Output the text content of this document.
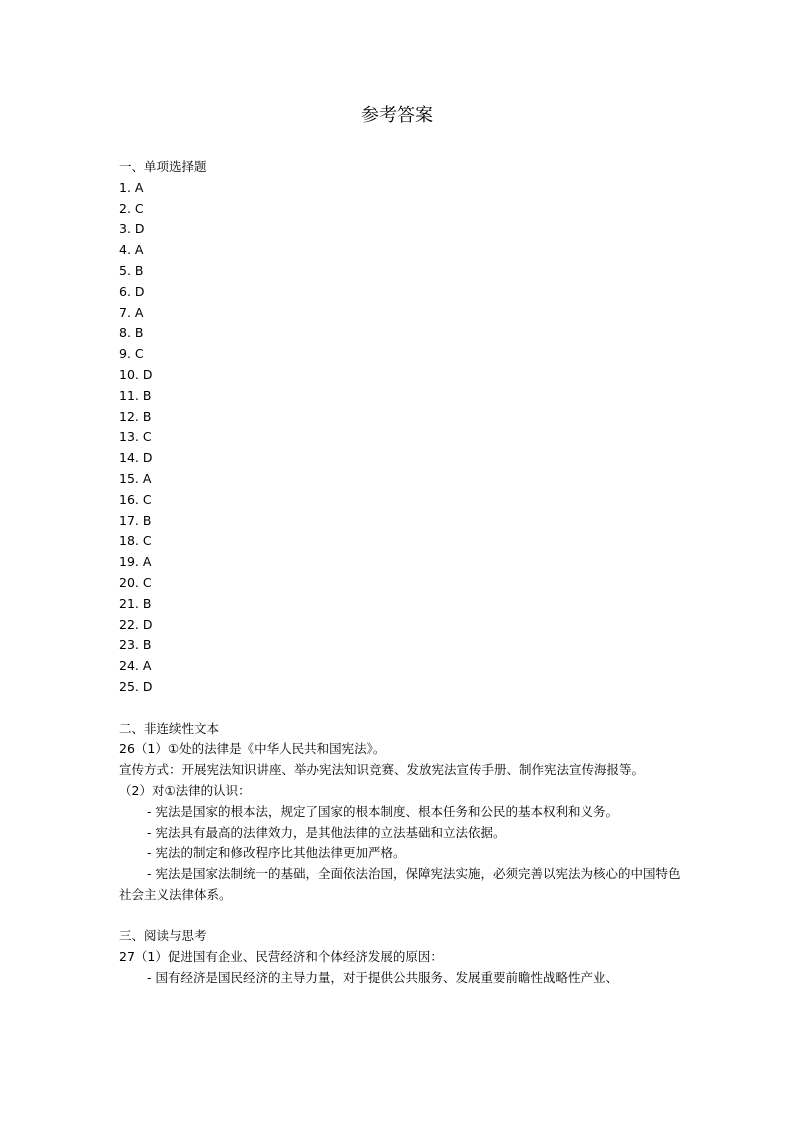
参考答案
一、单项选择题
1. A
2. C
3. D
4. A
5. B
6. D
7. A
8. B
9. C
10. D
11. B
12. B
13. C
14. D
15. A
16. C
17. B
18. C
19. A
20. C
21. B
22. D
23. B
24. A
25. D
二、非连续性文本
26（1）①处的法律是《中华人民共和国宪法》。
宣传方式：开展宪法知识讲座、举办宪法知识竞赛、发放宪法宣传手册、制作宪法宣传海报等。
（2）对①法律的认识：
- 宪法是国家的根本法，规定了国家的根本制度、根本任务和公民的基本权利和义务。
- 宪法具有最高的法律效力，是其他法律的立法基础和立法依据。
- 宪法的制定和修改程序比其他法律更加严格。
- 宪法是国家法制统一的基础，全面依法治国，保障宪法实施，必须完善以宪法为核心的中国特色社会主义法律体系。
三、阅读与思考
27（1）促进国有企业、民营经济和个体经济发展的原因：
- 国有经济是国民经济的主导力量，对于提供公共服务、发展重要前瞻性战略性产业、
